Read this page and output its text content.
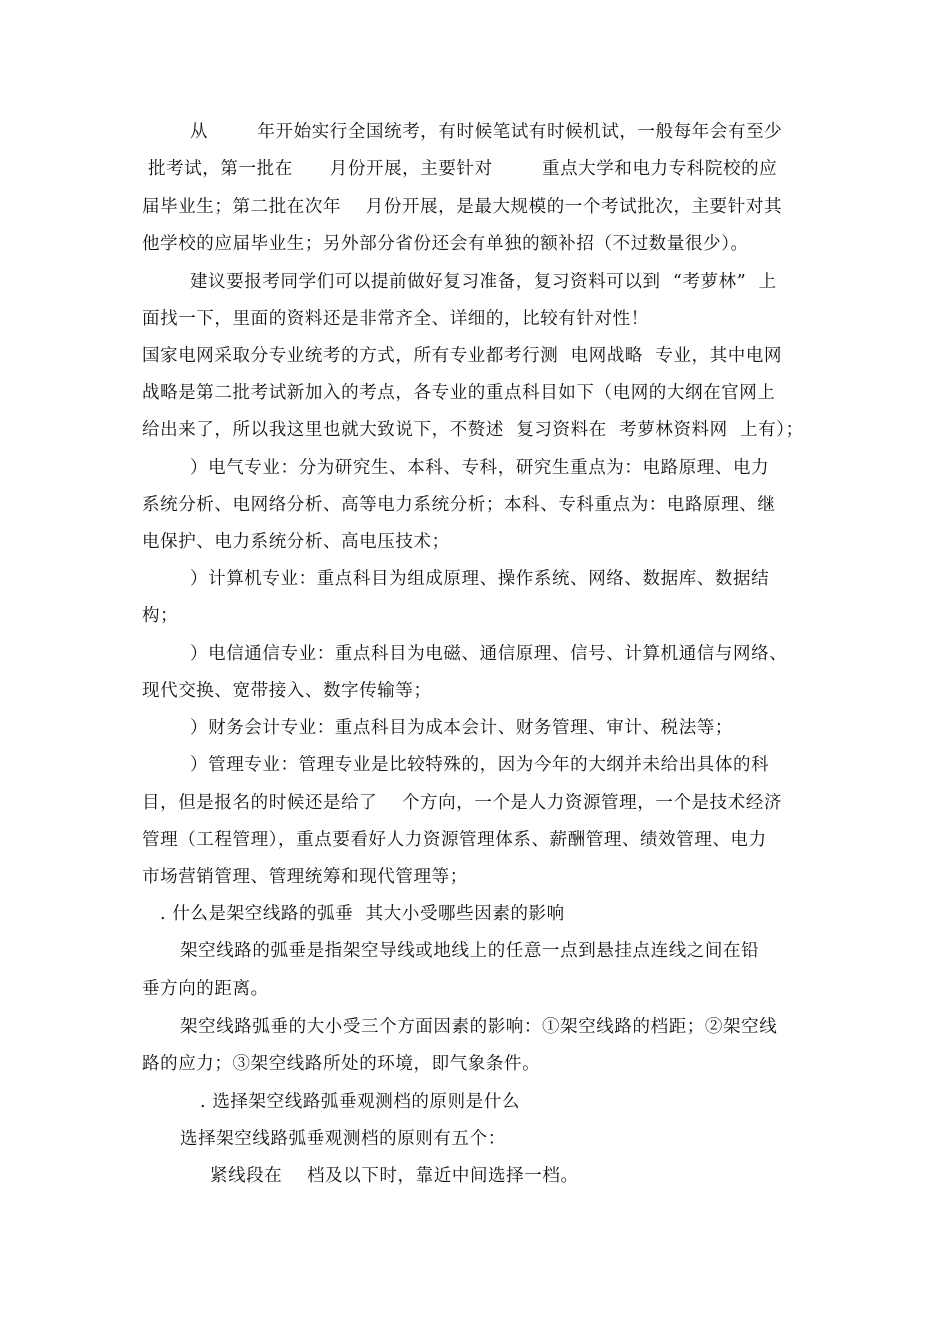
从        年开始实行全国统考，有时候笔试有时候机试，一般每年会有至少
批考试，第一批在      月份开展，主要针对        重点大学和电力专科院校的应
届毕业生；第二批在次年    月份开展，是最大规模的一个考试批次，主要针对其
他学校的应届毕业生；另外部分省份还会有单独的额补招（不过数量很少）。
建议要报考同学们可以提前做好复习准备，复习资料可以到  “考萝林”  上
面找一下，里面的资料还是非常齐全、详细的，比较有针对性！
国家电网采取分专业统考的方式，所有专业都考行测  电网战略  专业，其中电网
战略是第二批考试新加入的考点，各专业的重点科目如下（电网的大纲在官网上
给出来了，所以我这里也就大致说下，不赘述  复习资料在  考萝林资料网  上有）；
）电气专业：分为研究生、本科、专科，研究生重点为：电路原理、电力
系统分析、电网络分析、高等电力系统分析；本科、专科重点为：电路原理、继
电保护、电力系统分析、高电压技术；
）计算机专业：重点科目为组成原理、操作系统、网络、数据库、数据结
构；
）电信通信专业：重点科目为电磁、通信原理、信号、计算机通信与网络、
现代交换、宽带接入、数字传输等；
）财务会计专业：重点科目为成本会计、财务管理、审计、税法等；
）管理专业：管理专业是比较特殊的，因为今年的大纲并未给出具体的科
目，但是报名的时候还是给了    个方向，一个是人力资源管理，一个是技术经济
管理（工程管理），重点要看好人力资源管理体系、薪酬管理、绩效管理、电力
市场营销管理、管理统筹和现代管理等；
. 什么是架空线路的弧垂  其大小受哪些因素的影响
架空线路的弧垂是指架空导线或地线上的任意一点到悬挂点连线之间在铅
垂方向的距离。
架空线路弧垂的大小受三个方面因素的影响：①架空线路的档距；②架空线
路的应力；③架空线路所处的环境，即气象条件。
. 选择架空线路弧垂观测档的原则是什么
选择架空线路弧垂观测档的原则有五个：
紧线段在    档及以下时，靠近中间选择一档。
